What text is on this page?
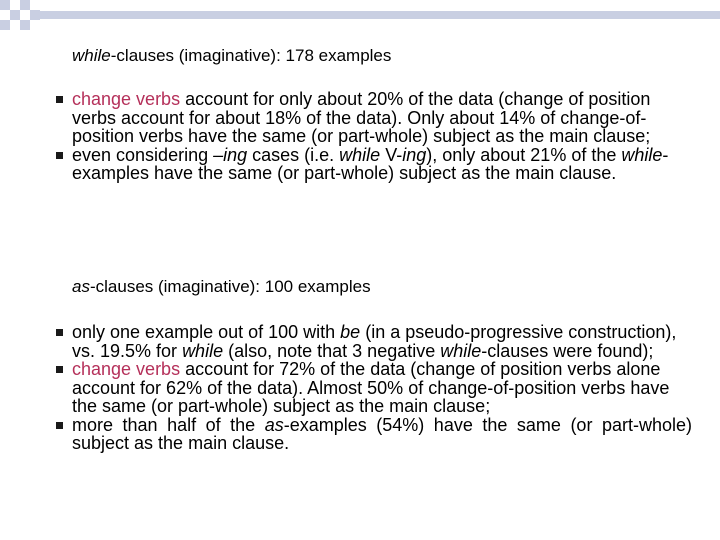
while-clauses (imaginative): 178 examples
change verbs account for only about 20% of the data (change of position verbs account for about 18% of the data). Only about 14% of change-of-position verbs have the same (or part-whole) subject as the main clause;
even considering –ing cases (i.e. while V-ing), only about 21% of the while-examples have the same (or part-whole) subject as the main clause.
as-clauses (imaginative): 100 examples
only one example out of 100 with be (in a pseudo-progressive construction), vs. 19.5% for while (also, note that 3 negative while-clauses were found);
change verbs account for 72% of the data (change of position verbs alone account for 62% of the data). Almost 50% of change-of-position verbs have the same (or part-whole) subject as the main clause;
more than half of the as-examples (54%) have the same (or part-whole) subject as the main clause.
